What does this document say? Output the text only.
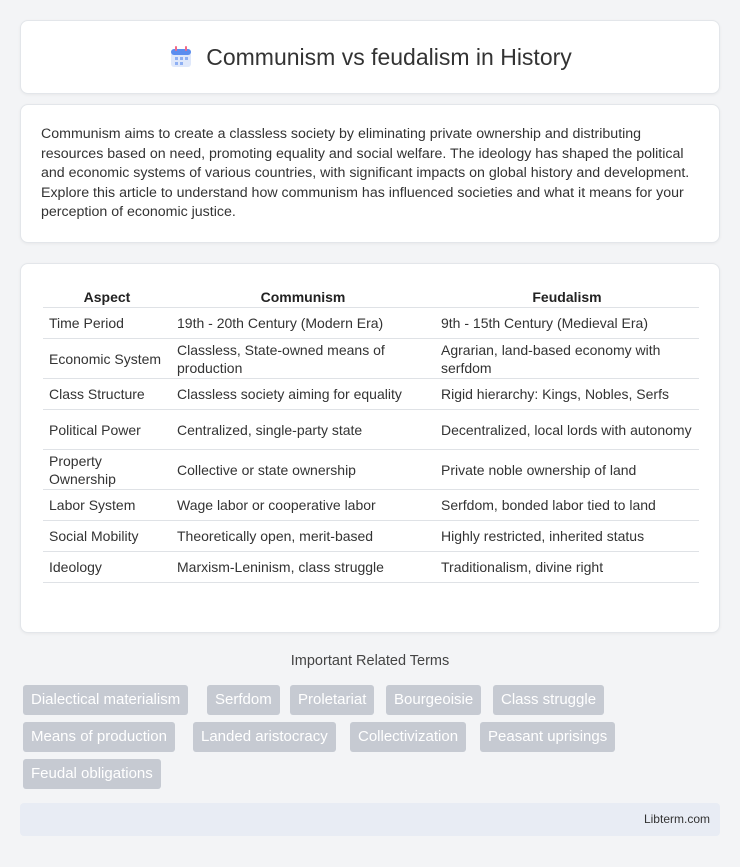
Communism vs feudalism in History

Communism aims to create a classless society by eliminating private ownership and distributing resources based on need, promoting equality and social welfare. The ideology has shaped the political and economic systems of various countries, with significant impacts on global history and development. Explore this article to understand how communism has influenced societies and what it means for your perception of economic justice.

Aspect	Communism	Feudalism
Time Period	19th - 20th Century (Modern Era)	9th - 15th Century (Medieval Era)
Economic System	Classless, State-owned means of production	Agrarian, land-based economy with serfdom
Class Structure	Classless society aiming for equality	Rigid hierarchy: Kings, Nobles, Serfs
Political Power	Centralized, single-party state	Decentralized, local lords with autonomy
Property Ownership	Collective or state ownership	Private noble ownership of land
Labor System	Wage labor or cooperative labor	Serfdom, bonded labor tied to land
Social Mobility	Theoretically open, merit-based	Highly restricted, inherited status
Ideology	Marxism-Leninism, class struggle	Traditionalism, divine right
Important Related Terms
Dialectical materialism	Serfdom	Proletariat	Bourgeoisie	Class struggle
Means of production	Landed aristocracy	Collectivization	Peasant uprisings
Feudal obligations
Libterm.com
